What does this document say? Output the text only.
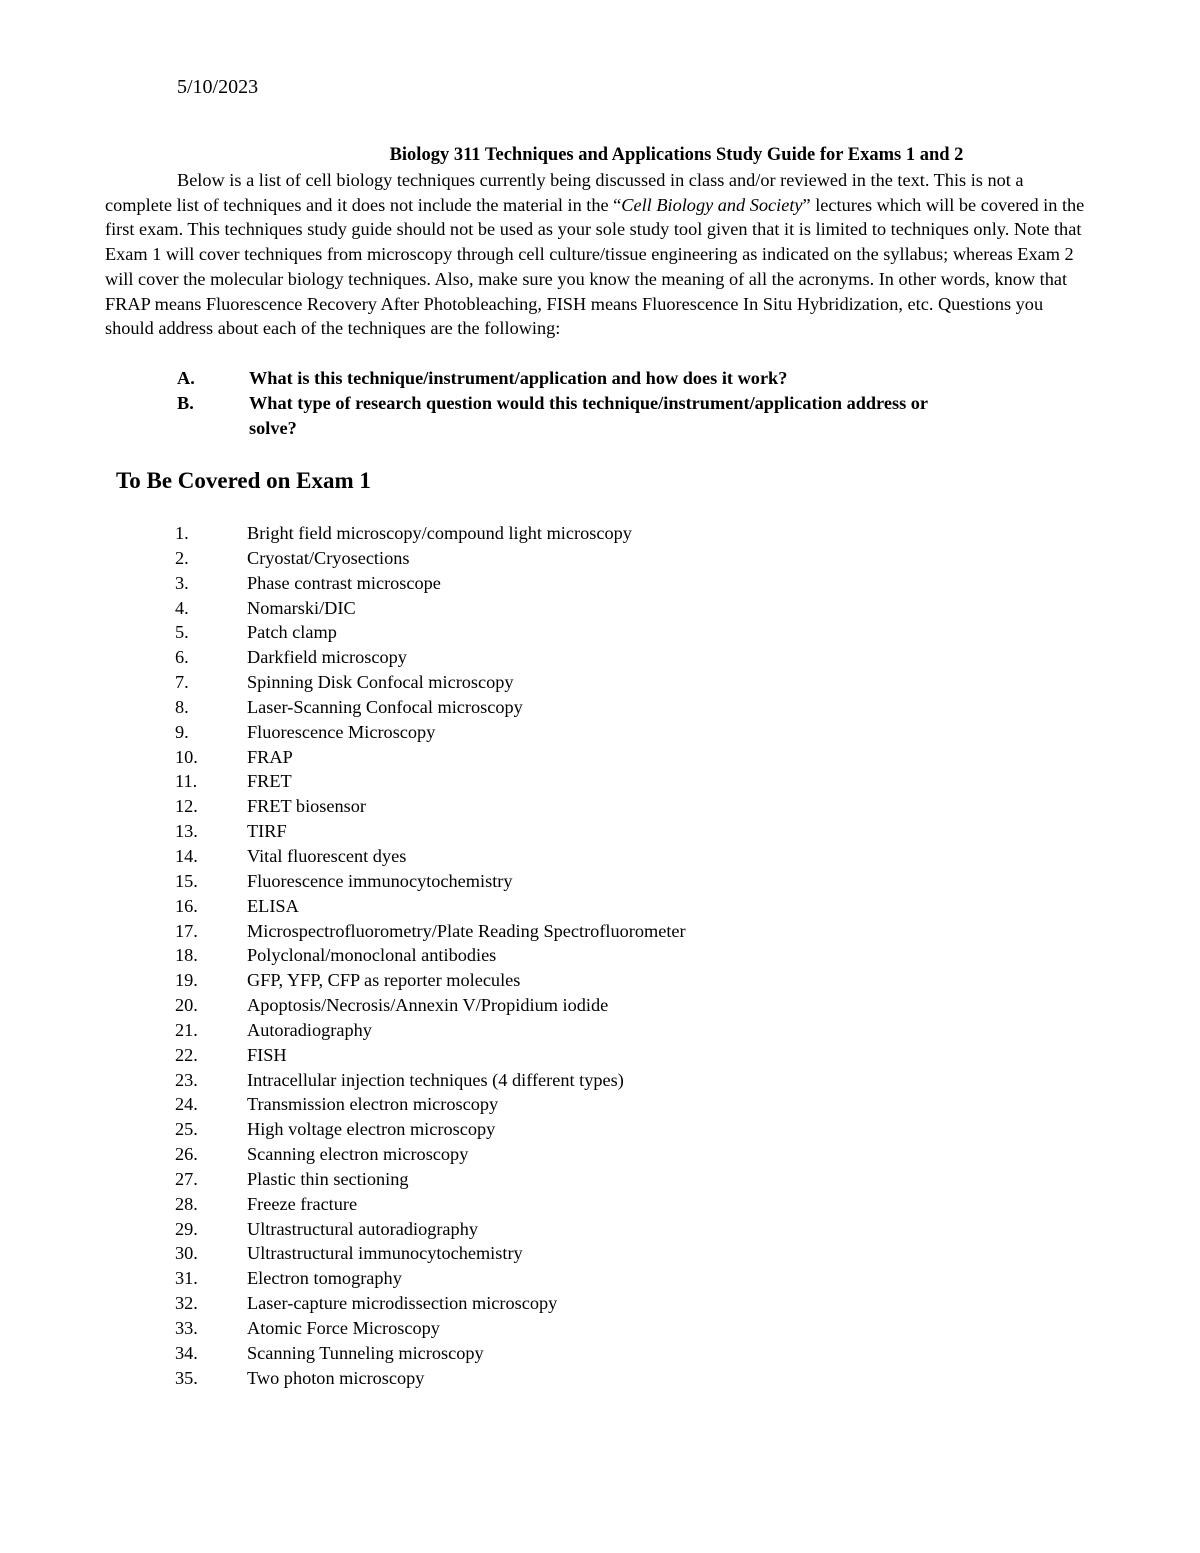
5/10/2023
Biology 311 Techniques and Applications Study Guide for Exams 1 and 2
Below is a list of cell biology techniques currently being discussed in class and/or reviewed in the text. This is not a complete list of techniques and it does not include the material in the “Cell Biology and Society” lectures which will be covered in the first exam. This techniques study guide should not be used as your sole study tool given that it is limited to techniques only. Note that Exam 1 will cover techniques from microscopy through cell culture/tissue engineering as indicated on the syllabus; whereas Exam 2 will cover the molecular biology techniques. Also, make sure you know the meaning of all the acronyms. In other words, know that FRAP means Fluorescence Recovery After Photobleaching, FISH means Fluorescence In Situ Hybridization, etc. Questions you should address about each of the techniques are the following:
A.	What is this technique/instrument/application and how does it work?
B.	What type of research question would this technique/instrument/application address or solve?
To Be Covered on Exam 1
1.	Bright field microscopy/compound light microscopy
2.	Cryostat/Cryosections
3.	Phase contrast microscope
4.	Nomarski/DIC
5.	Patch clamp
6.	Darkfield microscopy
7.	Spinning Disk Confocal microscopy
8.	Laser-Scanning Confocal microscopy
9.	Fluorescence Microscopy
10.	FRAP
11.	FRET
12.	FRET biosensor
13.	TIRF
14.	Vital fluorescent dyes
15.	Fluorescence immunocytochemistry
16.	ELISA
17.	Microspectrofluorometry/Plate Reading Spectrofluorometer
18.	Polyclonal/monoclonal antibodies
19.	GFP, YFP, CFP as reporter molecules
20.	Apoptosis/Necrosis/Annexin V/Propidium iodide
21.	Autoradiography
22.	FISH
23.	Intracellular injection techniques (4 different types)
24.	Transmission electron microscopy
25.	High voltage electron microscopy
26.	Scanning electron microscopy
27.	Plastic thin sectioning
28.	Freeze fracture
29.	Ultrastructural autoradiography
30.	Ultrastructural immunocytochemistry
31.	Electron tomography
32.	Laser-capture microdissection microscopy
33.	Atomic Force Microscopy
34.	Scanning Tunneling microscopy
35.	Two photon microscopy
